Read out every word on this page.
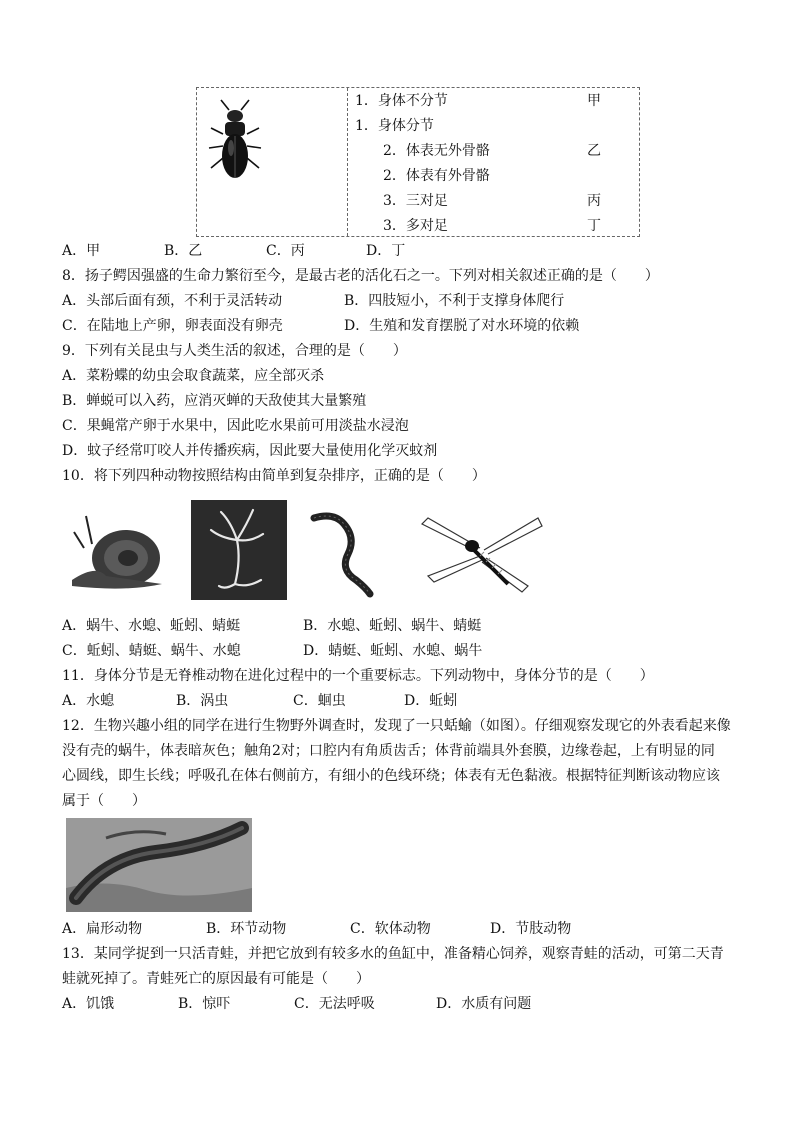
1．身体不分节	甲
1．身体分节
2．体表无外骨骼	乙
2．体表有外骨骼
3．三对足	丙
3．多对足	丁
A．甲	B．乙	C．丙	D．丁
8．扬子鳄因强盛的生命力繁衍至今，是最古老的活化石之一。下列对相关叙述正确的是（　　）
A．头部后面有颈，不利于灵活转动	B．四肢短小，不利于支撑身体爬行
C．在陆地上产卵，卵表面没有卵壳	D．生殖和发育摆脱了对水环境的依赖
9．下列有关昆虫与人类生活的叙述，合理的是（　　）
A．菜粉蝶的幼虫会取食蔬菜，应全部灭杀
B．蝉蜕可以入药，应消灭蝉的天敌使其大量繁殖
C．果蝇常产卵于水果中，因此吃水果前可用淡盐水浸泡
D．蚊子经常叮咬人并传播疾病，因此要大量使用化学灭蚊剂
10．将下列四种动物按照结构由简单到复杂排序，正确的是（　　）
A．蜗牛、水螅、蚯蚓、蜻蜓	B．水螅、蚯蚓、蜗牛、蜻蜓
C．蚯蚓、蜻蜓、蜗牛、水螅	D．蜻蜓、蚯蚓、水螅、蜗牛
11．身体分节是无脊椎动物在进化过程中的一个重要标志。下列动物中，身体分节的是（　　）
A．水螅	B．涡虫	C．蛔虫	D．蚯蚓
12．生物兴趣小组的同学在进行生物野外调查时，发现了一只蛞蝓（如图）。仔细观察发现它的外表看起来像
没有壳的蜗牛，体表暗灰色；触角2对；口腔内有角质齿舌；体背前端具外套膜，边缘卷起，上有明显的同
心圆线，即生长线；呼吸孔在体右侧前方，有细小的色线环绕；体表有无色黏液。根据特征判断该动物应该
属于（　　）
A．扁形动物	B．环节动物	C．软体动物	D．节肢动物
13．某同学捉到一只活青蛙，并把它放到有较多水的鱼缸中，准备精心饲养，观察青蛙的活动，可第二天青
蛙就死掉了。青蛙死亡的原因最有可能是（　　）
A．饥饿	B．惊吓	C．无法呼吸	D．水质有问题
